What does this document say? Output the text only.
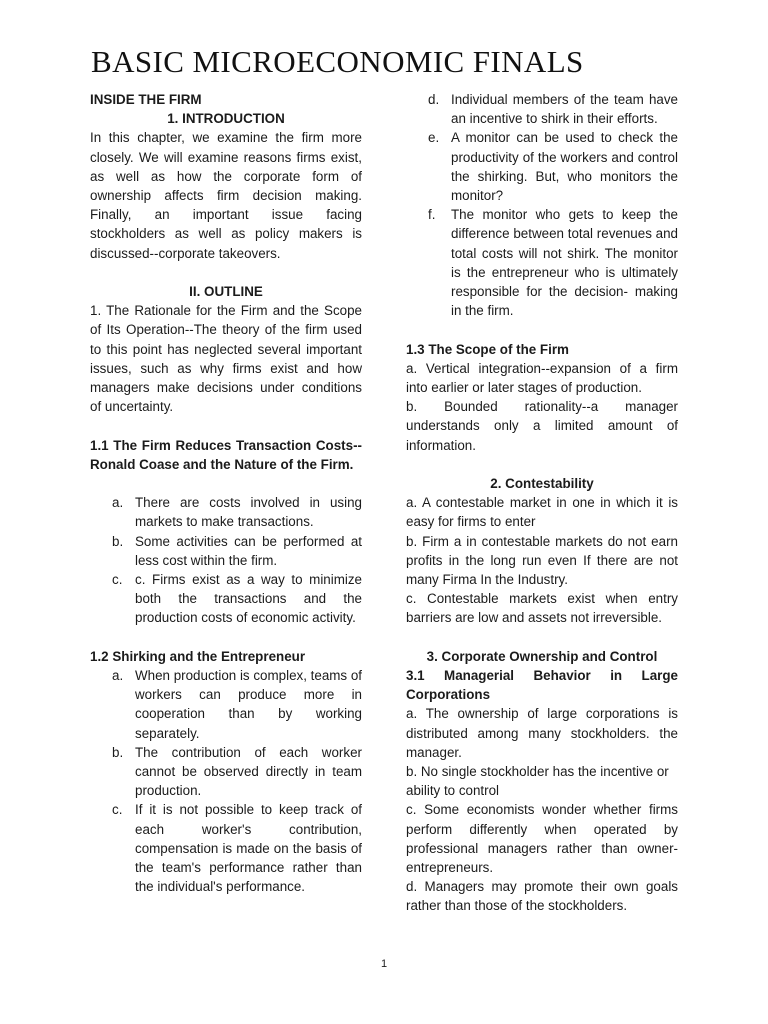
BASIC MICROECONOMIC FINALS

INSIDE THE FIRM

1. INTRODUCTION

In this chapter, we examine the firm more closely. We will examine reasons firms exist, as well as how the corporate form of ownership affects firm decision making. Finally, an important issue facing stockholders as well as policy makers is discussed--corporate takeovers.

II. OUTLINE

1. The Rationale for the Firm and the Scope of Its Operation--The theory of the firm used to this point has neglected several important issues, such as why firms exist and how managers make decisions under conditions of uncertainty.

1.1 The Firm Reduces Transaction Costs--Ronald Coase and the Nature of the Firm.

a. There are costs involved in using markets to make transactions.
b. Some activities can be performed at less cost within the firm.
c. c. Firms exist as a way to minimize both the transactions and the production costs of economic activity.

1.2 Shirking and the Entrepreneur

a. When production is complex, teams of workers can produce more in cooperation than by working separately.
b. The contribution of each worker cannot be observed directly in team production.
c. If it is not possible to keep track of each worker's contribution, compensation is made on the basis of the team's performance rather than the individual's performance.
d. Individual members of the team have an incentive to shirk in their efforts.
e. A monitor can be used to check the productivity of the workers and control the shirking. But, who monitors the monitor?
f. The monitor who gets to keep the difference between total revenues and total costs will not shirk. The monitor is the entrepreneur who is ultimately responsible for the decision- making in the firm.

1.3 The Scope of the Firm

a. Vertical integration--expansion of a firm into earlier or later stages of production.

b. Bounded rationality--a manager understands only a limited amount of information.

2. Contestability

a. A contestable market in one in which it is easy for firms to enter

b. Firm a in contestable markets do not earn profits in the long run even If there are not many Firma In the Industry.

c. Contestable markets exist when entry barriers are low and assets not irreversible.

3. Corporate Ownership and Control

3.1 Managerial Behavior in Large Corporations

a. The ownership of large corporations is distributed among many stockholders. the manager.

b. No single stockholder has the incentive or ability to control

c. Some economists wonder whether firms perform differently when operated by professional managers rather than owner- entrepreneurs.

d. Managers may promote their own goals rather than those of the stockholders.

1
